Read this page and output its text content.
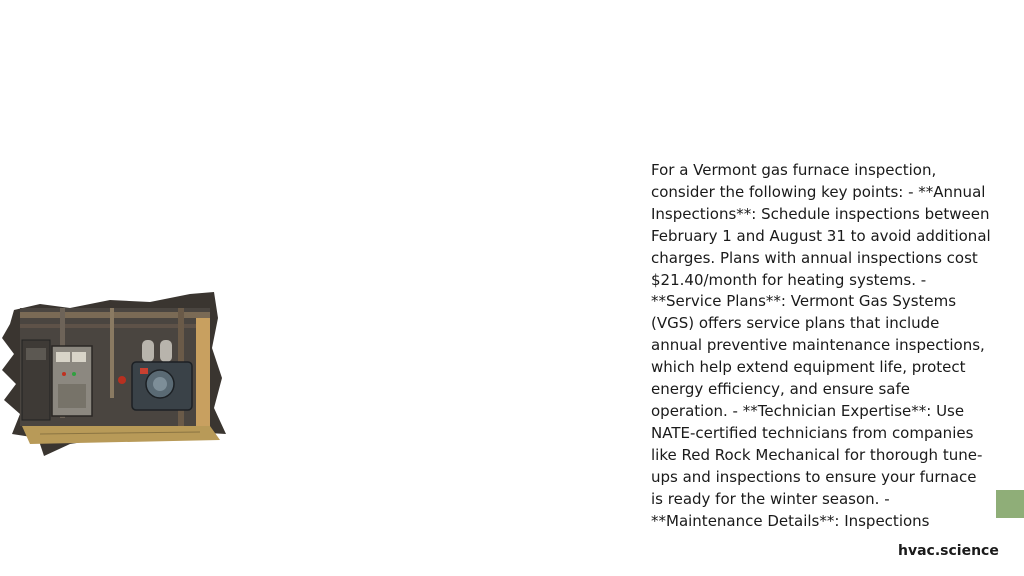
For a Vermont gas furnace inspection, consider the following key points: - **Annual Inspections**: Schedule inspections between February 1 and August 31 to avoid additional charges. Plans with annual inspections cost $21.40/month for heating systems. - **Service Plans**: Vermont Gas Systems (VGS) offers service plans that include annual preventive maintenance inspections, which help extend equipment life, protect energy efficiency, and ensure safe operation. - **Technician Expertise**: Use NATE-certified technicians from companies like Red Rock Mechanical for thorough tune-ups and inspections to ensure your furnace is ready for the winter season. - **Maintenance Details**: Inspections

hvac.science
